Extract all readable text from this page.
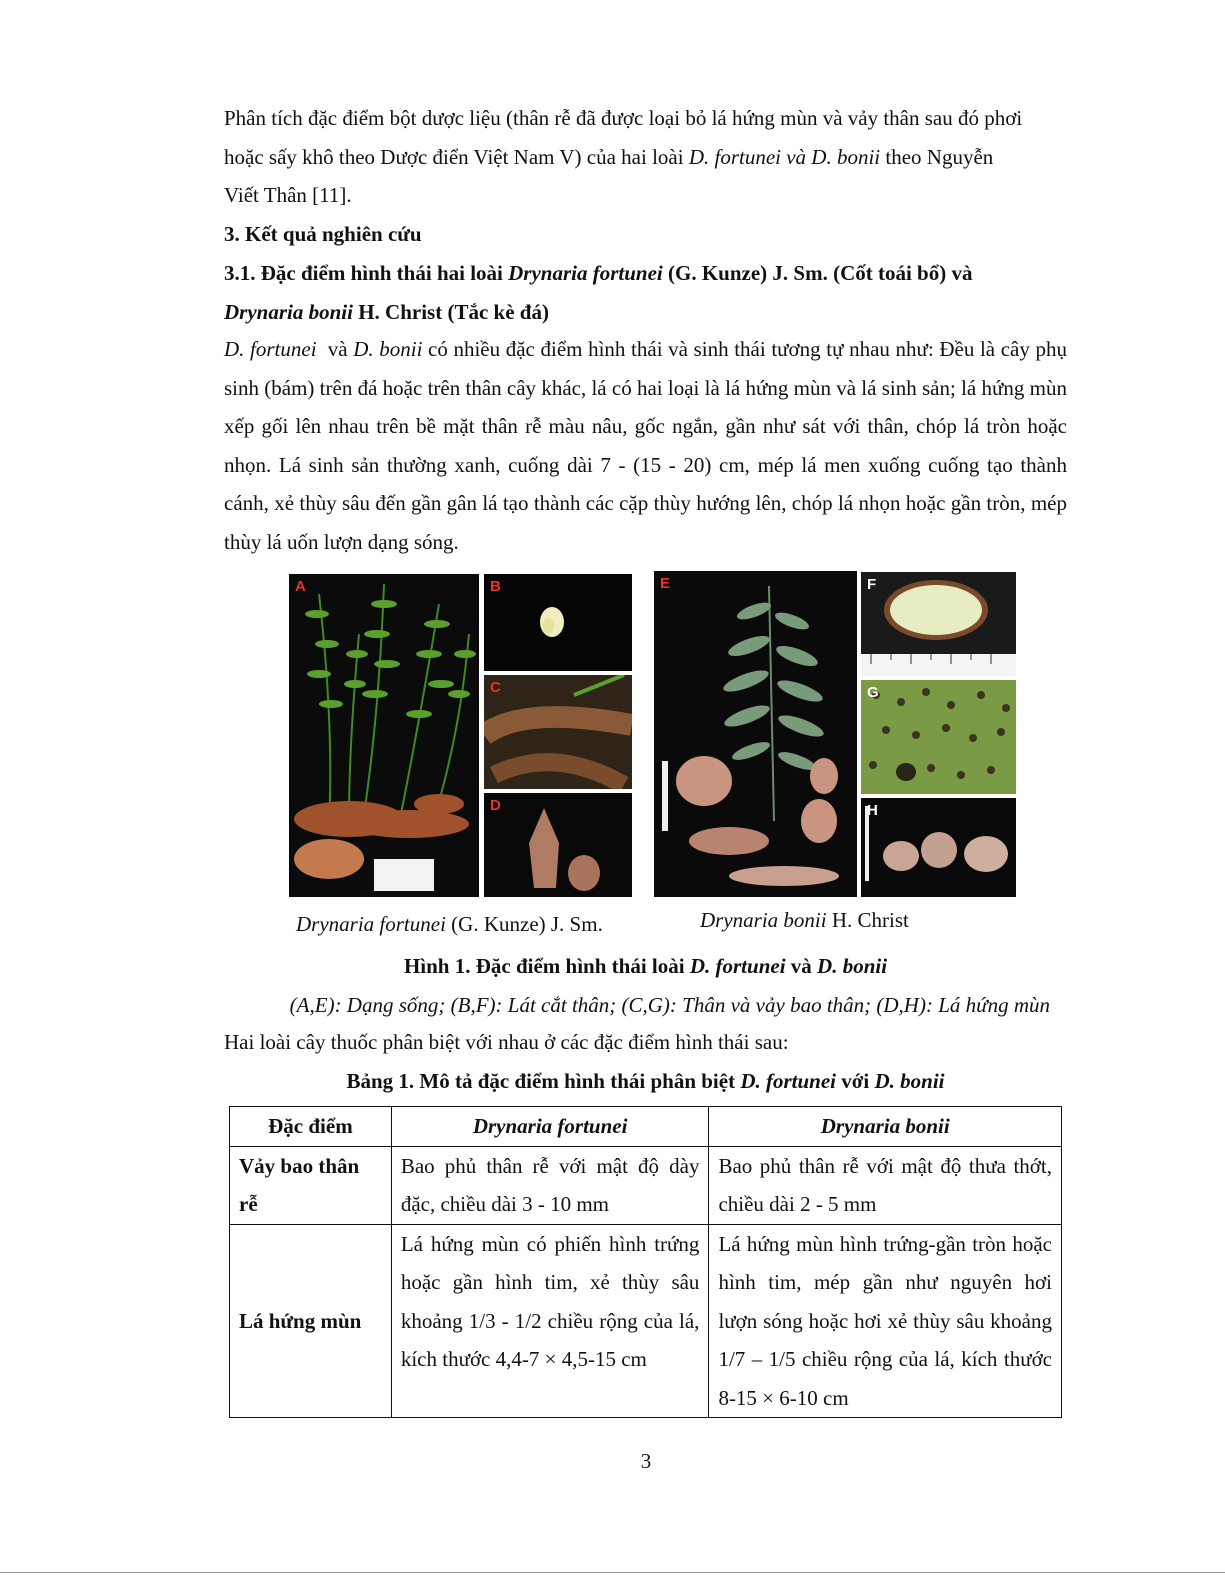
Phân tích đặc điểm bột dược liệu (thân rễ đã được loại bỏ lá hứng mùn và vảy thân sau đó phơi
hoặc sấy khô theo Dược điển Việt Nam V) của hai loài D. fortunei và D. bonii theo Nguyễn
Viết Thân [11].
3. Kết quả nghiên cứu
3.1. Đặc điểm hình thái hai loài Drynaria fortunei (G. Kunze) J. Sm. (Cốt toái bổ) và
Drynaria bonii H. Christ (Tắc kè đá)
D. fortunei  và D. bonii có nhiều đặc điểm hình thái và sinh thái tương tự nhau như: Đều là cây phụ sinh (bám) trên đá hoặc trên thân cây khác, lá có hai loại là lá hứng mùn và lá sinh sản; lá hứng mùn xếp gối lên nhau trên bề mặt thân rễ màu nâu, gốc ngắn, gần như sát với thân, chóp lá tròn hoặc nhọn. Lá sinh sản thường xanh, cuống dài 7 - (15 - 20) cm, mép lá men xuống cuống tạo thành cánh, xẻ thùy sâu đến gần gân lá tạo thành các cặp thùy hướng lên, chóp lá nhọn hoặc gần tròn, mép thùy lá uốn lượn dạng sóng.
A	B
C
D
E	F
G
H
Drynaria fortunei (G. Kunze) J. Sm.	Drynaria bonii H. Christ
Hình 1. Đặc điểm hình thái loài D. fortunei và D. bonii
(A,E): Dạng sống; (B,F): Lát cắt thân; (C,G): Thân và vảy bao thân; (D,H): Lá hứng mùn
Hai loài cây thuốc phân biệt với nhau ở các đặc điểm hình thái sau:
Bảng 1. Mô tả đặc điểm hình thái phân biệt D. fortunei với D. bonii
Đặc điểm	Drynaria fortunei	Drynaria bonii
Vảy bao thân rễ	Bao phủ thân rễ với mật độ dày đặc, chiều dài 3 - 10 mm	Bao phủ thân rễ với mật độ thưa thớt, chiều dài 2 - 5 mm
Lá hứng mùn	Lá hứng mùn có phiến hình trứng hoặc gần hình tim, xẻ thùy sâu khoảng 1/3 - 1/2 chiều rộng của lá, kích thước 4,4-7 × 4,5-15 cm	Lá hứng mùn hình trứng-gần tròn hoặc hình tim, mép gần như nguyên hơi lượn sóng hoặc hơi xẻ thùy sâu khoảng 1/7 – 1/5 chiều rộng của lá, kích thước 8-15 × 6-10 cm
3
